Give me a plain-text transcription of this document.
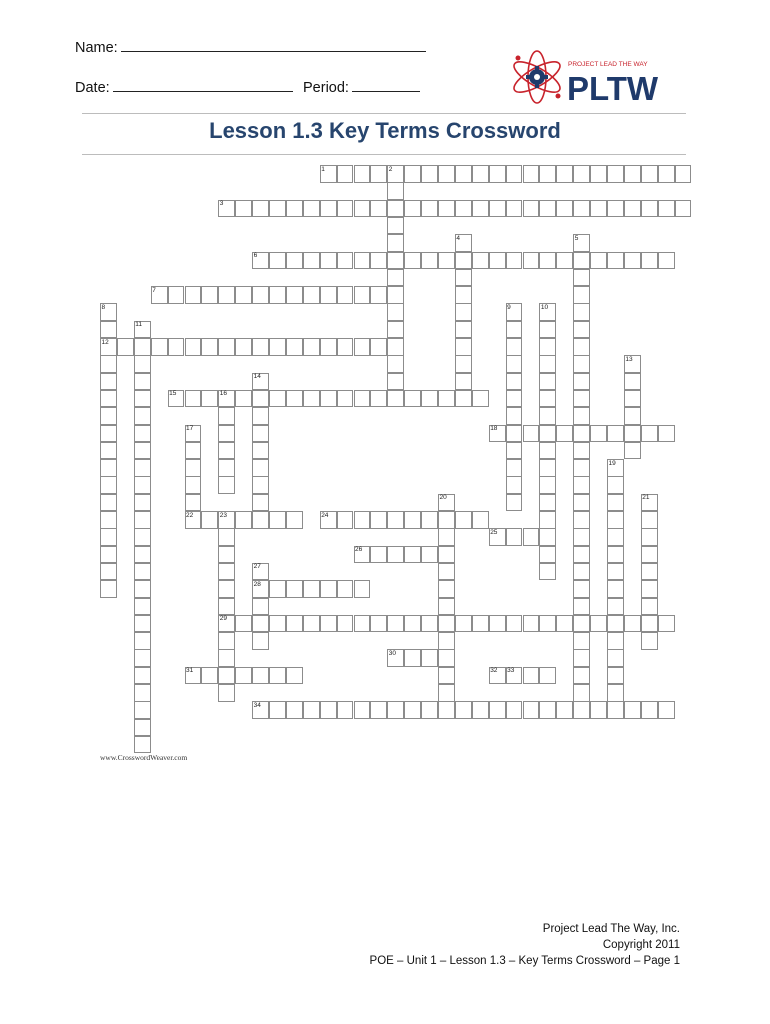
Name:
Date:	Period:
PROJECT LEAD THE WAY
PLTW
Lesson 1.3 Key Terms Crossword
1	2
3
4	5
6
7
8	9	10
11
12
13
14
15	16
17	18
19
20	21
22	23	24
25
26
27
28
29
30
31	32 33
34
www.CrosswordWeaver.com
Project Lead The Way, Inc.
Copyright 2011
POE – Unit 1 – Lesson 1.3 – Key Terms Crossword – Page 1
